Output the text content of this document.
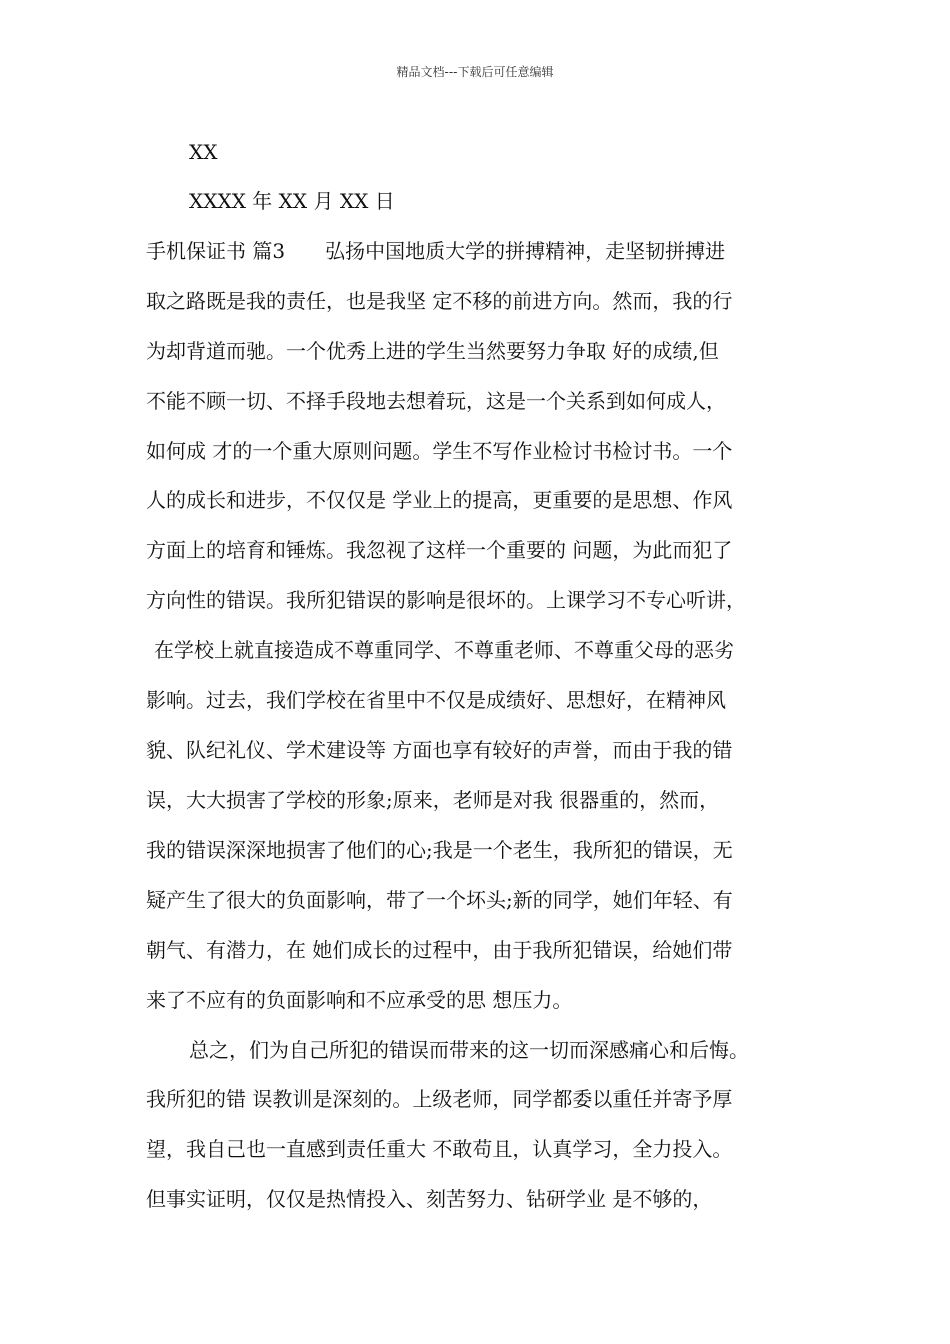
精品文档---下载后可任意编辑
XX
XXXX 年 XX 月 XX 日
手机保证书 篇3　　弘扬中国地质大学的拼搏精神，走坚韧拼搏进
取之路既是我的责任，也是我坚 定不移的前进方向。然而，我的行
为却背道而驰。一个优秀上进的学生当然要努力争取 好的成绩,但
不能不顾一切、不择手段地去想着玩，这是一个关系到如何成人，
如何成 才的一个重大原则问题。学生不写作业检讨书检讨书。一个
人的成长和进步，不仅仅是 学业上的提高，更重要的是思想、作风
方面上的培育和锤炼。我忽视了这样一个重要的 问题，为此而犯了
方向性的错误。我所犯错误的影响是很坏的。上课学习不专心听讲，
在学校上就直接造成不尊重同学、不尊重老师、不尊重父母的恶劣
影响。过去，我们学校在省里中不仅是成绩好、思想好，在精神风
貌、队纪礼仪、学术建设等 方面也享有较好的声誉，而由于我的错
误，大大损害了学校的形象;原来，老师是对我 很器重的，然而，
我的错误深深地损害了他们的心;我是一个老生，我所犯的错误，无
疑产生了很大的负面影响，带了一个坏头;新的同学，她们年轻、有
朝气、有潜力，在 她们成长的过程中，由于我所犯错误，给她们带
来了不应有的负面影响和不应承受的思 想压力。
总之，们为自己所犯的错误而带来的这一切而深感痛心和后悔。
我所犯的错 误教训是深刻的。上级老师，同学都委以重任并寄予厚
望，我自己也一直感到责任重大 不敢苟且，认真学习，全力投入。
但事实证明，仅仅是热情投入、刻苦努力、钻研学业 是不够的，
